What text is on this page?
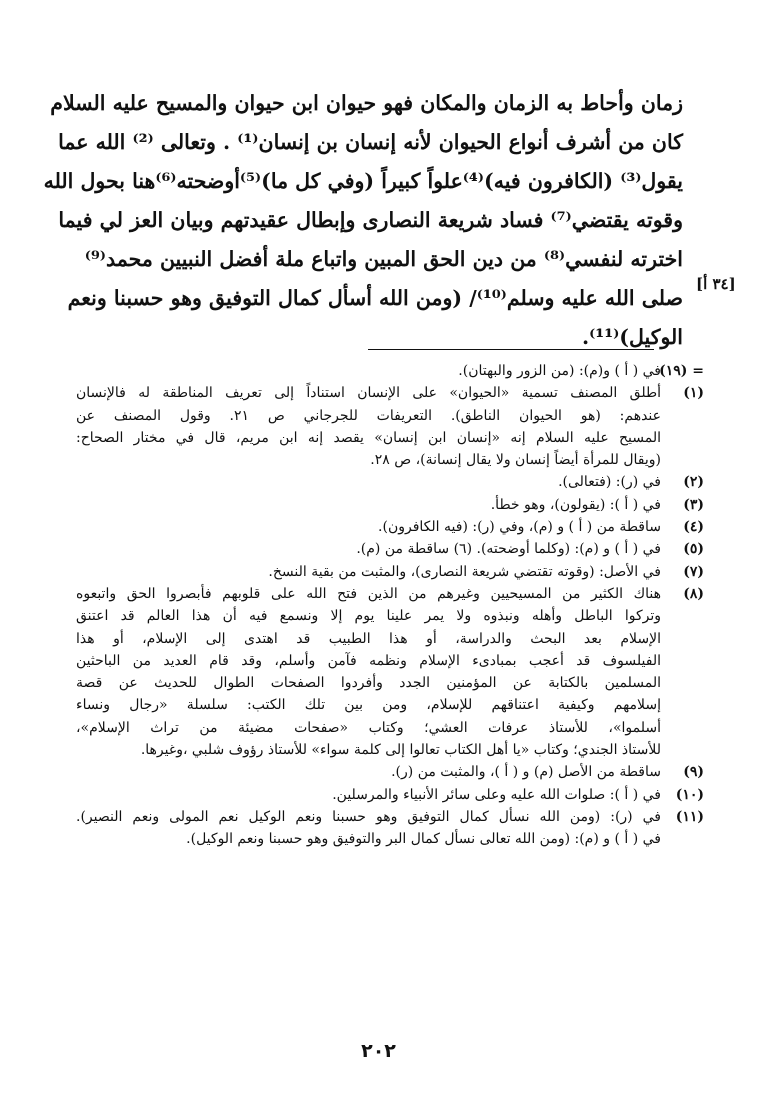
زمان وأحاط به الزمان والمكان فهو حيوان ابن حيوان والمسيح عليه السلام
كان من أشرف أنواع الحيوان لأنه إنسان بن إنسان⁽¹⁾ . وتعالى ⁽²⁾ الله عما
يقول⁽³⁾ (الكافرون فيه)⁽⁴⁾علواً كبيراً (وفي كل ما)⁽⁵⁾أوضحته⁽⁶⁾هنا بحول الله
وقوته يقتضي⁽⁷⁾ فساد شريعة النصارى وإبطال عقيدتهم وبيان العز لي فيما
اخترته لنفسي⁽⁸⁾ من دين الحق المبين واتباع ملة أفضل النبيين محمد⁽⁹⁾
صلى الله عليه وسلم⁽¹⁰⁾/ (ومن الله أسأل كمال التوفيق وهو حسبنا ونعم
الوكيل)⁽¹¹⁾.
[٣٤ أ]
= (١٩)
في ( أ ) و(م): (من الزور والبهتان).
(١)
أطلق المصنف تسمية «الحيوان» على الإنسان استناداً إلى تعريف المناطقة له فالإنسان
عندهم: (هو الحيوان الناطق). التعريفات للجرجاني ص ٢١. وقول المصنف عن
المسيح عليه السلام إنه «إنسان ابن إنسان» يقصد إنه ابن مريم، قال في مختار الصحاح:
(ويقال للمرأة أيضاً إنسان ولا يقال إنسانة)، ص ٢٨.
(٢)
في (ر): (فتعالى).
(٣)
في ( أ ): (يقولون)، وهو خطأ.
(٤)
ساقطة من ( أ ) و (م)، وفي (ر): (فيه الكافرون).
(٥)
في ( أ ) و (م): (وكلما أوضحته). (٦) ساقطة من (م).
(٧)
في الأصل: (وقوته تقتضي شريعة النصارى)، والمثبت من بقية النسخ.
(٨)
هناك الكثير من المسيحيين وغيرهم من الذين فتح الله على قلوبهم فأبصروا الحق واتبعوه
وتركوا الباطل وأهله ونبذوه ولا يمر علينا يوم إلا ونسمع فيه أن هذا العالم قد اعتنق
الإسلام بعد البحث والدراسة، أو هذا الطبيب قد اهتدى إلى الإسلام، أو هذا
الفيلسوف قد أعجب بمبادىء الإسلام ونظمه فآمن وأسلم، وقد قام العديد من الباحثين
المسلمين بالكتابة عن المؤمنين الجدد وأفردوا الصفحات الطوال للحديث عن قصة
إسلامهم وكيفية اعتناقهم للإسلام، ومن بين تلك الكتب: سلسلة «رجال ونساء
أسلموا»، للأستاذ عرفات العشي؛ وكتاب «صفحات مضيئة من تراث الإسلام»،
للأستاذ الجندي؛ وكتاب «يا أهل الكتاب تعالوا إلى كلمة سواء» للأستاذ رؤوف شلبي ،وغيرها.
(٩)
ساقطة من الأصل (م) و ( أ )، والمثبت من (ر).
(١٠)
في ( أ ): صلوات الله عليه وعلى سائر الأنبياء والمرسلين.
(١١)
في (ر): (ومن الله نسأل كمال التوفيق وهو حسبنا ونعم الوكيل نعم المولى ونعم النصير).
في ( أ ) و (م): (ومن الله تعالى نسأل كمال البر والتوفيق وهو حسبنا ونعم الوكيل).
٢٠٢
